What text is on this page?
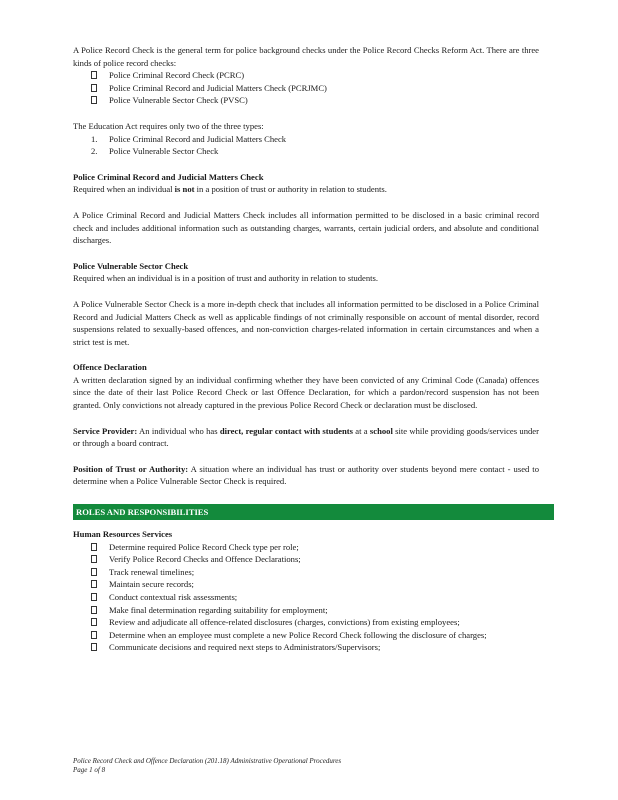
A Police Record Check is the general term for police background checks under the Police Record Checks Reform Act. There are three kinds of police record checks:

Police Criminal Record Check (PCRC)
Police Criminal Record and Judicial Matters Check (PCRJMC)
Police Vulnerable Sector Check (PVSC)

The Education Act requires only two of the three types:

1.	Police Criminal Record and Judicial Matters Check
2.	Police Vulnerable Sector Check

Police Criminal Record and Judicial Matters Check

Required when an individual is not in a position of trust or authority in relation to students.

A Police Criminal Record and Judicial Matters Check includes all information permitted to be disclosed in a basic criminal record check and includes additional information such as outstanding charges, warrants, certain judicial orders, and absolute and conditional discharges.

Police Vulnerable Sector Check

Required when an individual is in a position of trust and authority in relation to students.

A Police Vulnerable Sector Check is a more in-depth check that includes all information permitted to be disclosed in a Police Criminal Record and Judicial Matters Check as well as applicable findings of not criminally responsible on account of mental disorder, record suspensions related to sexually-based offences, and non-conviction charges-related information in certain circumstances and when a strict test is met.

Offence Declaration

A written declaration signed by an individual confirming whether they have been convicted of any Criminal Code (Canada) offences since the date of their last Police Record Check or last Offence Declaration, for which a pardon/record suspension has not been granted. Only convictions not already captured in the previous Police Record Check or declaration must be disclosed.

Service Provider: An individual who has direct, regular contact with students at a school site while providing goods/services under or through a board contract.

Position of Trust or Authority: A situation where an individual has trust or authority over students beyond mere contact - used to determine when a Police Vulnerable Sector Check is required.

ROLES AND RESPONSIBILITIES

Human Resources Services

Determine required Police Record Check type per role;
Verify Police Record Checks and Offence Declarations;
Track renewal timelines;
Maintain secure records;
Conduct contextual risk assessments;
Make final determination regarding suitability for employment;
Review and adjudicate all offence-related disclosures (charges, convictions) from existing employees;
Determine when an employee must complete a new Police Record Check following the disclosure of charges;
Communicate decisions and required next steps to Administrators/Supervisors;
Police Record Check and Offence Declaration (201.18) Administrative Operational Procedures
Page 1 of 8
